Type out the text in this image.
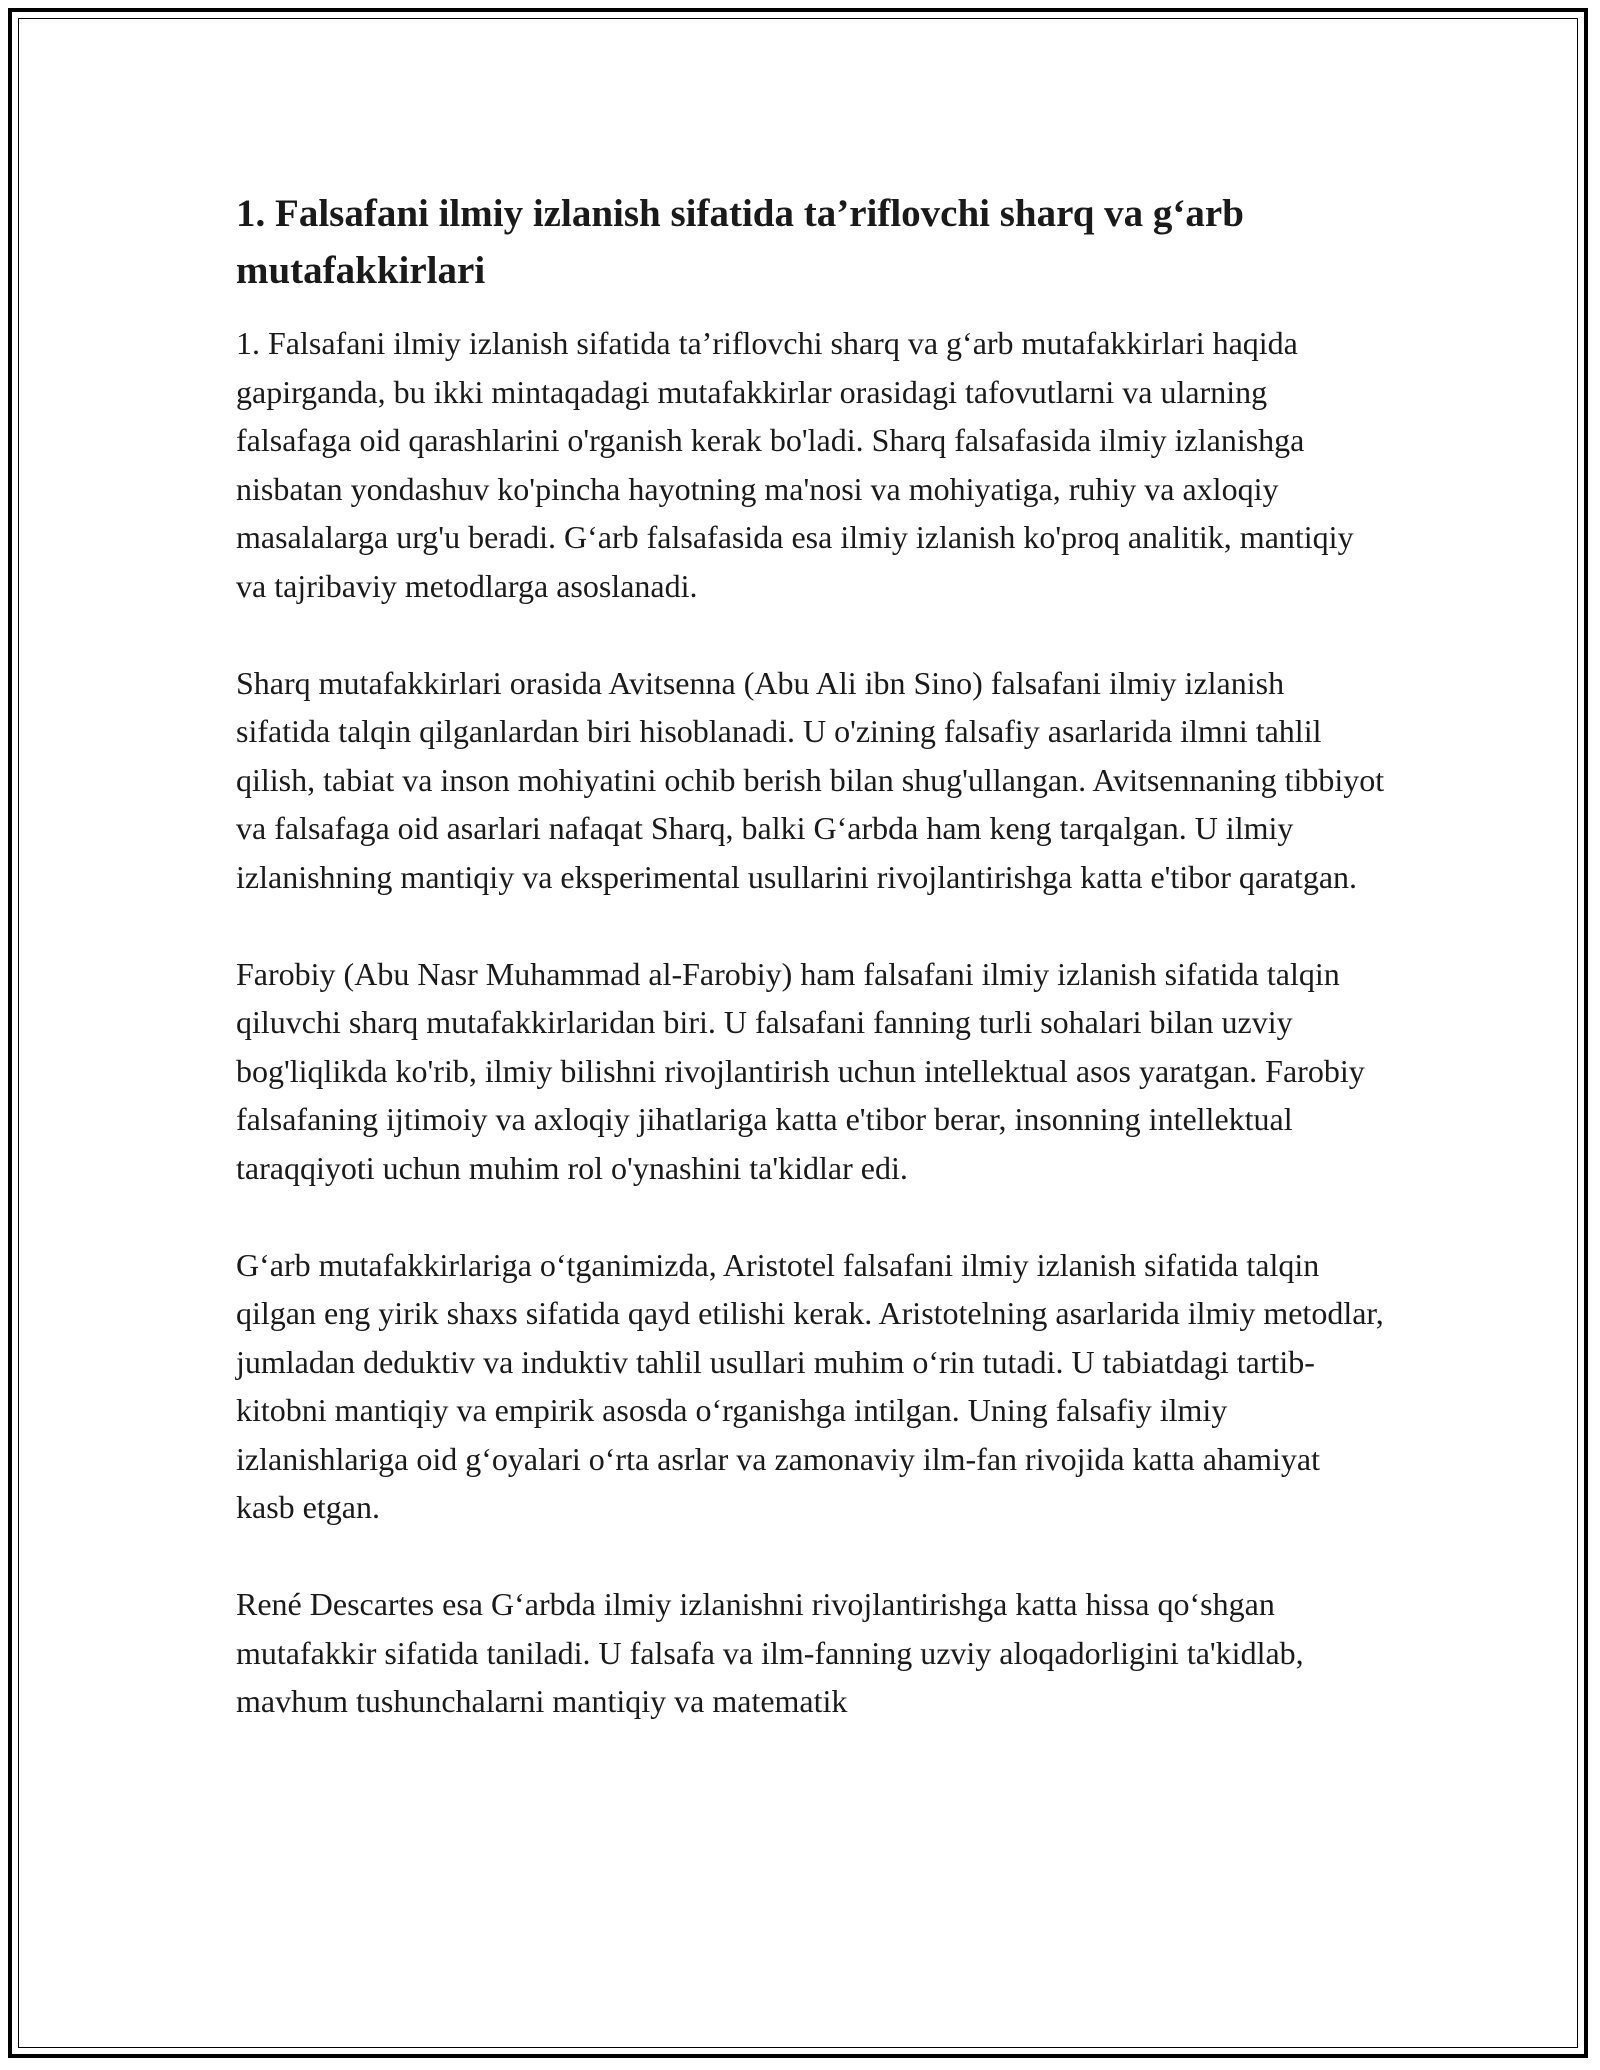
1. Falsafani ilmiy izlanish sifatida ta’riflovchi sharq va g‘arb mutafakkirlari

1. Falsafani ilmiy izlanish sifatida ta’riflovchi sharq va g‘arb mutafakkirlari haqida gapirganda, bu ikki mintaqadagi mutafakkirlar orasidagi tafovutlarni va ularning falsafaga oid qarashlarini o'rganish kerak bo'ladi. Sharq falsafasida ilmiy izlanishga nisbatan yondashuv ko'pincha hayotning ma'nosi va mohiyatiga, ruhiy va axloqiy masalalarga urg'u beradi. G‘arb falsafasida esa ilmiy izlanish ko'proq analitik, mantiqiy va tajribaviy metodlarga asoslanadi.

Sharq mutafakkirlari orasida Avitsenna (Abu Ali ibn Sino) falsafani ilmiy izlanish sifatida talqin qilganlardan biri hisoblanadi. U o'zining falsafiy asarlarida ilmni tahlil qilish, tabiat va inson mohiyatini ochib berish bilan shug'ullangan. Avitsennaning tibbiyot va falsafaga oid asarlari nafaqat Sharq, balki G‘arbda ham keng tarqalgan. U ilmiy izlanishning mantiqiy va eksperimental usullarini rivojlantirishga katta e'tibor qaratgan.

Farobiy (Abu Nasr Muhammad al-Farobiy) ham falsafani ilmiy izlanish sifatida talqin qiluvchi sharq mutafakkirlaridan biri. U falsafani fanning turli sohalari bilan uzviy bog'liqlikda ko'rib, ilmiy bilishni rivojlantirish uchun intellektual asos yaratgan. Farobiy falsafaning ijtimoiy va axloqiy jihatlariga katta e'tibor berar, insonning intellektual taraqqiyoti uchun muhim rol o'ynashini ta'kidlar edi.

G‘arb mutafakkirlariga o‘tganimizda, Aristotel falsafani ilmiy izlanish sifatida talqin qilgan eng yirik shaxs sifatida qayd etilishi kerak. Aristotelning asarlarida ilmiy metodlar, jumladan deduktiv va induktiv tahlil usullari muhim o‘rin tutadi. U tabiatdagi tartib-kitobni mantiqiy va empirik asosda o‘rganishga intilgan. Uning falsafiy ilmiy izlanishlariga oid g‘oyalari o‘rta asrlar va zamonaviy ilm-fan rivojida katta ahamiyat kasb etgan.

René Descartes esa G‘arbda ilmiy izlanishni rivojlantirishga katta hissa qo‘shgan mutafakkir sifatida taniladi. U falsafa va ilm-fanning uzviy aloqadorligini ta'kidlab, mavhum tushunchalarni mantiqiy va matematik
